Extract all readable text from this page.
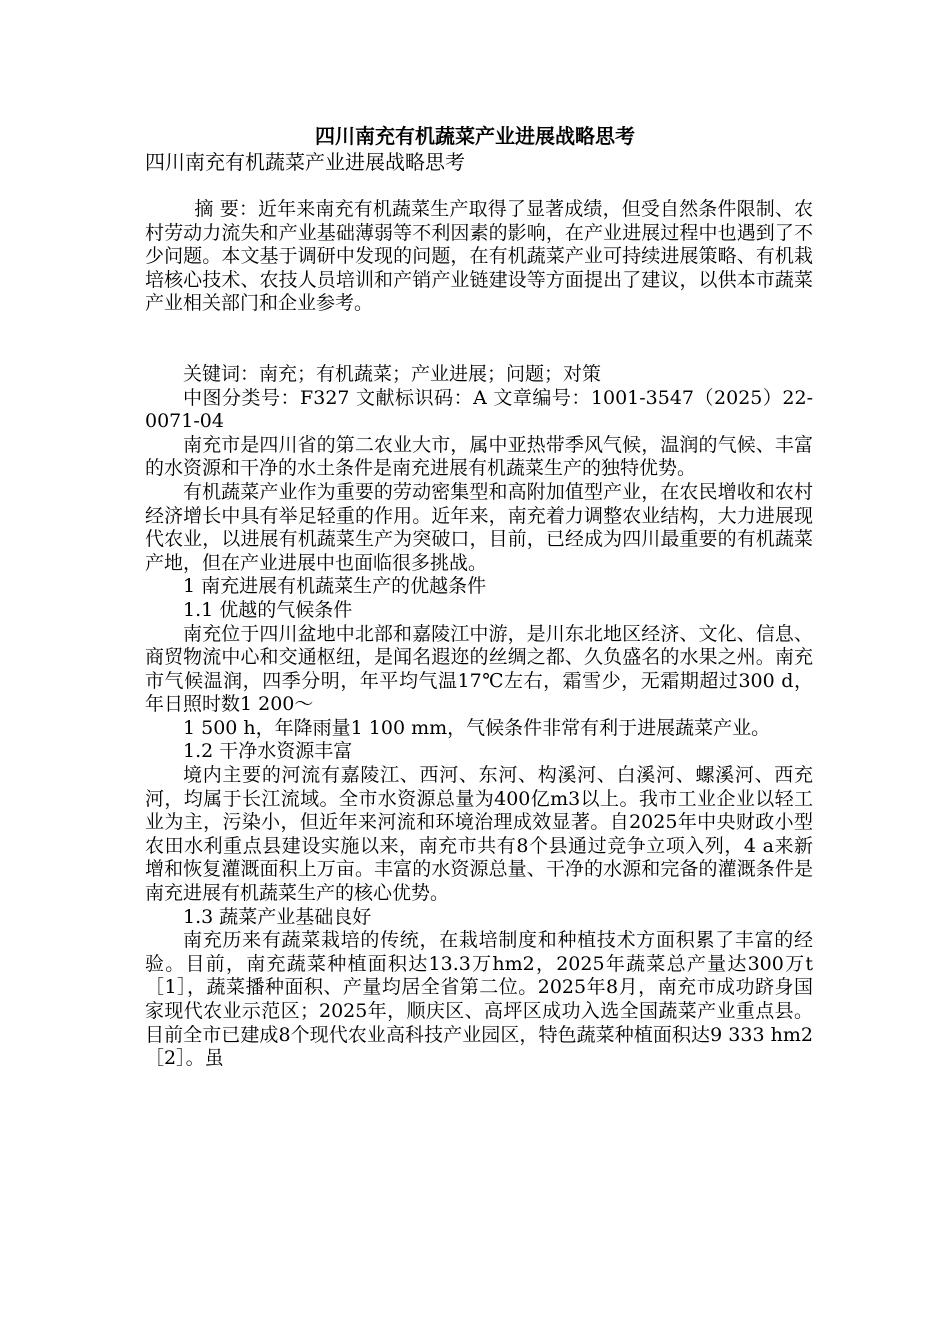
四川南充有机蔬菜产业进展战略思考
四川南充有机蔬菜产业进展战略思考

摘 要：近年来南充有机蔬菜生产取得了显著成绩，但受自然条件限制、农村劳动力流失和产业基础薄弱等不利因素的影响，在产业进展过程中也遇到了不少问题。本文基于调研中发现的问题，在有机蔬菜产业可持续进展策略、有机栽培核心技术、农技人员培训和产销产业链建设等方面提出了建议，以供本市蔬菜产业相关部门和企业参考。

关键词：南充；有机蔬菜；产业进展；问题；对策

中图分类号：F327 文献标识码：A 文章编号：1001-3547（2025）22-0071-04

南充市是四川省的第二农业大市，属中亚热带季风气候，温润的气候、丰富的水资源和干净的水土条件是南充进展有机蔬菜生产的独特优势。

有机蔬菜产业作为重要的劳动密集型和高附加值型产业，在农民增收和农村经济增长中具有举足轻重的作用。近年来，南充着力调整农业结构，大力进展现代农业，以进展有机蔬菜生产为突破口，目前，已经成为四川最重要的有机蔬菜产地，但在产业进展中也面临很多挑战。

1 南充进展有机蔬菜生产的优越条件

1.1 优越的气候条件

南充位于四川盆地中北部和嘉陵江中游，是川东北地区经济、文化、信息、商贸物流中心和交通枢纽，是闻名遐迩的丝绸之都、久负盛名的水果之州。南充市气候温润，四季分明，年平均气温17℃左右，霜雪少，无霜期超过300 d，年日照时数1 200～

1 500 h，年降雨量1 100 mm，气候条件非常有利于进展蔬菜产业。

1.2 干净水资源丰富

境内主要的河流有嘉陵江、西河、东河、构溪河、白溪河、螺溪河、西充河，均属于长江流域。全市水资源总量为400亿m3以上。我市工业企业以轻工业为主，污染小，但近年来河流和环境治理成效显著。自2025年中央财政小型农田水利重点县建设实施以来，南充市共有8个县通过竞争立项入列，4 a来新增和恢复灌溉面积上万亩。丰富的水资源总量、干净的水源和完备的灌溉条件是南充进展有机蔬菜生产的核心优势。

1.3 蔬菜产业基础良好

南充历来有蔬菜栽培的传统，在栽培制度和种植技术方面积累了丰富的经验。目前，南充蔬菜种植面积达13.3万hm2，2025年蔬菜总产量达300万t［1］，蔬菜播种面积、产量均居全省第二位。2025年8月，南充市成功跻身国家现代农业示范区；2025年，顺庆区、高坪区成功入选全国蔬菜产业重点县。目前全市已建成8个现代农业高科技产业园区，特色蔬菜种植面积达9 333 hm2［2］。虽
